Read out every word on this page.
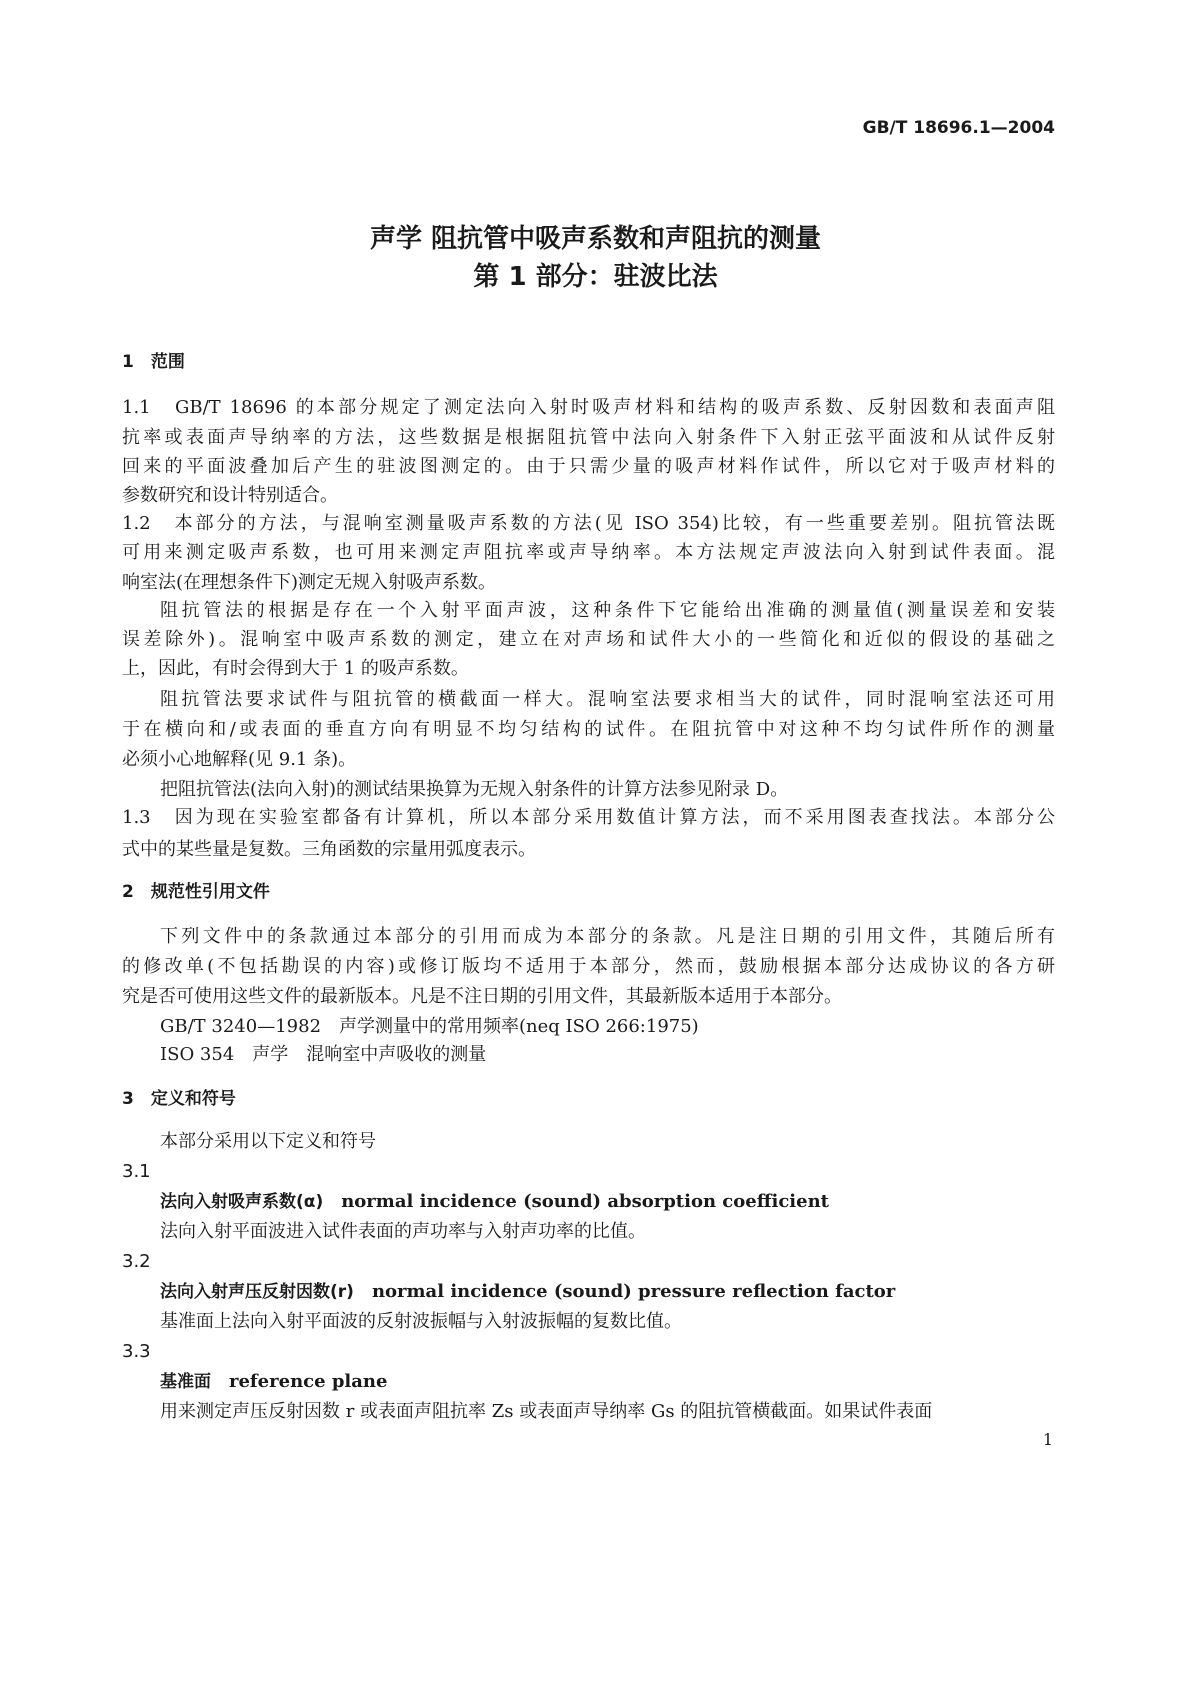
GB/T 18696.1—2004
声学 阻抗管中吸声系数和声阻抗的测量
第 1 部分：驻波比法
1　范围
1.1　GB/T 18696 的本部分规定了测定法向入射时吸声材料和结构的吸声系数、反射因数和表面声阻
抗率或表面声导纳率的方法，这些数据是根据阻抗管中法向入射条件下入射正弦平面波和从试件反射
回来的平面波叠加后产生的驻波图测定的。由于只需少量的吸声材料作试件，所以它对于吸声材料的
参数研究和设计特别适合。
1.2　本部分的方法，与混响室测量吸声系数的方法(见 ISO 354)比较，有一些重要差别。阻抗管法既
可用来测定吸声系数，也可用来测定声阻抗率或声导纳率。本方法规定声波法向入射到试件表面。混
响室法(在理想条件下)测定无规入射吸声系数。
阻抗管法的根据是存在一个入射平面声波，这种条件下它能给出准确的测量值(测量误差和安装
误差除外)。混响室中吸声系数的测定，建立在对声场和试件大小的一些简化和近似的假设的基础之
上，因此，有时会得到大于 1 的吸声系数。
阻抗管法要求试件与阻抗管的横截面一样大。混响室法要求相当大的试件，同时混响室法还可用
于在横向和/或表面的垂直方向有明显不均匀结构的试件。在阻抗管中对这种不均匀试件所作的测量
必须小心地解释(见 9.1 条)。
把阻抗管法(法向入射)的测试结果换算为无规入射条件的计算方法参见附录 D。
1.3　因为现在实验室都备有计算机，所以本部分采用数值计算方法，而不采用图表查找法。本部分公
式中的某些量是复数。三角函数的宗量用弧度表示。
2　规范性引用文件
下列文件中的条款通过本部分的引用而成为本部分的条款。凡是注日期的引用文件，其随后所有
的修改单(不包括勘误的内容)或修订版均不适用于本部分，然而，鼓励根据本部分达成协议的各方研
究是否可使用这些文件的最新版本。凡是不注日期的引用文件，其最新版本适用于本部分。
GB/T 3240—1982　声学测量中的常用频率(neq ISO 266:1975)
ISO 354　声学　混响室中声吸收的测量
3　定义和符号
本部分采用以下定义和符号
3.1
法向入射吸声系数(α)　 normal incidence (sound) absorption coefficient
法向入射平面波进入试件表面的声功率与入射声功率的比值。
3.2
法向入射声压反射因数(r)　 normal incidence (sound) pressure reflection factor
基准面上法向入射平面波的反射波振幅与入射波振幅的复数比值。
3.3
基准面　 reference plane
用来测定声压反射因数 r 或表面声阻抗率 Zs 或表面声导纳率 Gs 的阻抗管横截面。如果试件表面
1
